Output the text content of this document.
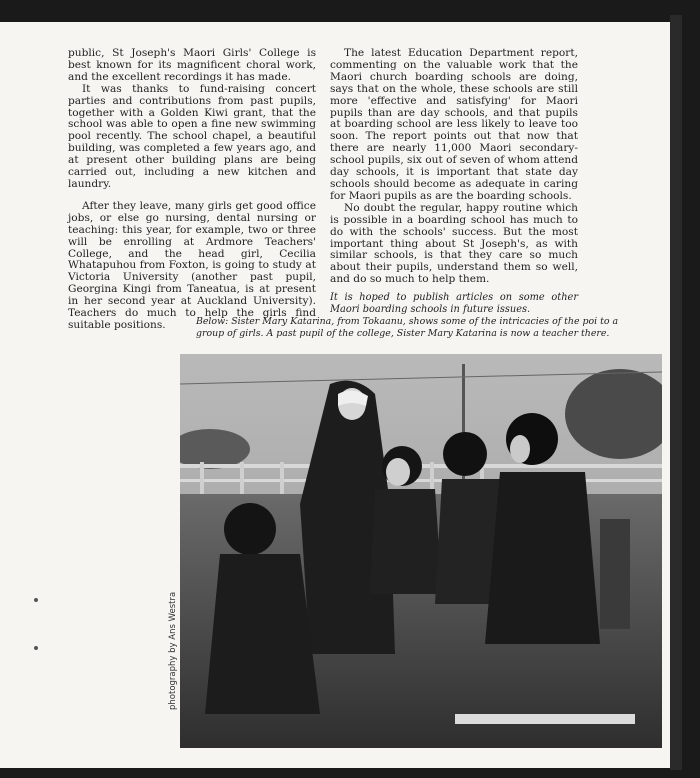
public, St Joseph's Maori Girls' College is best known for its magnificent choral work, and the excellent recordings it has made.

It was thanks to fund-raising concert parties and contributions from past pupils, together with a Golden Kiwi grant, that the school was able to open a fine new swimming pool recently. The school chapel, a beautiful building, was completed a few years ago, and at present other building plans are being carried out, including a new kitchen and laundry.

After they leave, many girls get good office jobs, or else go nursing, dental nursing or teaching: this year, for example, two or three will be enrolling at Ardmore Teachers' College, and the head girl, Cecilia Whatapuhou from Foxton, is going to study at Victoria University (another past pupil, Georgina Kingi from Taneatua, is at present in her second year at Auckland University). Teachers do much to help the girls find suitable positions.

The latest Education Department report, commenting on the valuable work that the Maori church boarding schools are doing, says that on the whole, these schools are still more 'effective and satisfying' for Maori pupils than are day schools, and that pupils at boarding school are less likely to leave too soon. The report points out that now that there are nearly 11,000 Maori secondary-school pupils, six out of seven of whom attend day schools, it is important that state day schools should become as adequate in caring for Maori pupils as are the boarding schools.

No doubt the regular, happy routine which is possible in a boarding school has much to do with the schools' success. But the most important thing about St Joseph's, as with similar schools, is that they care so much about their pupils, understand them so well, and do so much to help them.

It is hoped to publish articles on some other Maori boarding schools in future issues.

Below: Sister Mary Katarina, from Tokaanu, shows some of the intricacies of the poi to a group of girls. A past pupil of the college, Sister Mary Katarina is now a teacher there.
photography by Ans Westra
